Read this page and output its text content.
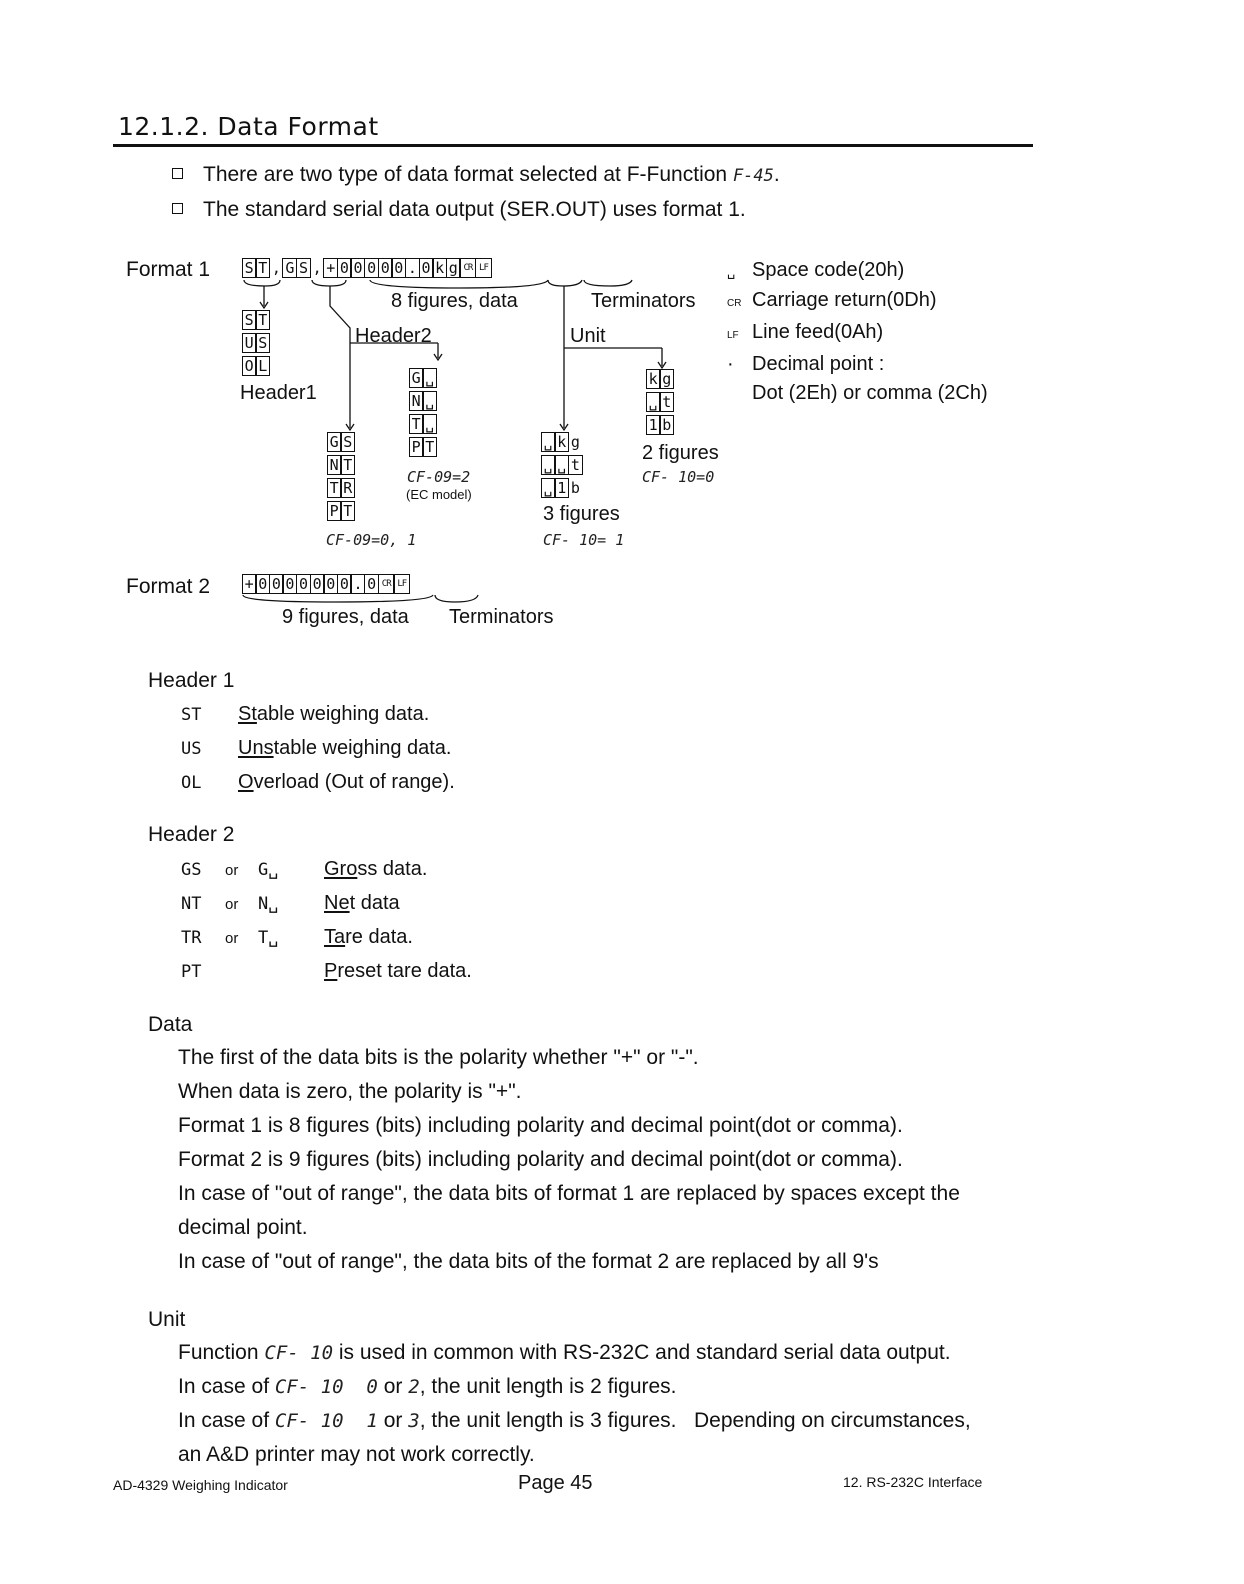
12.1.2. Data Format
There are two type of data format selected at F-Function F-45.
The standard serial data output (SER.OUT) uses format 1.
Format 1 S T , G S , + 0 0 0 0 0 . 0 k g CR LF
8 figures, data	Terminators
Header2	Unit
S T
U S
O L
Header1
G S
N T
T R
P T
CF-09=0, 1
G ␣
N ␣
T ␣
P T
CF-09=2
(EC model)
␣ k g
␣ ␣ t
␣ 1 b
3 figures
CF- 10= 1
k g
␣ t
1 b
2 figures
CF- 10=0
␣ Space code(20h)
CR Carriage return(0Dh)
LF Line feed(0Ah)
· Decimal point :
Dot (2Eh) or comma (2Ch)
Format 2 + 0 0 0 0 0 0 0 . 0 CR LF
9 figures, data Terminators
Header 1
ST Stable weighing data.
US Unstable weighing data.
OL Overload (Out of range).
Header 2
GS or G␣ Gross data.
NT or N␣ Net data
TR or T␣ Tare data.
PT	Preset tare data.
Data
The first of the data bits is the polarity whether "+" or "-".
When data is zero, the polarity is "+".
Format 1 is 8 figures (bits) including polarity and decimal point(dot or comma).
Format 2 is 9 figures (bits) including polarity and decimal point(dot or comma).
In case of "out of range", the data bits of format 1 are replaced by spaces except the
decimal point.
In case of "out of range", the data bits of the format 2 are replaced by all 9's
Unit
Function CF- 10 is used in common with RS-232C and standard serial data output.
In case of CF- 10  0 or 2, the unit length is 2 figures.
In case of CF- 10  1 or 3, the unit length is 3 figures.   Depending on circumstances,
an A&D printer may not work correctly.
AD-4329 Weighing Indicator	Page 45	12. RS-232C Interface
